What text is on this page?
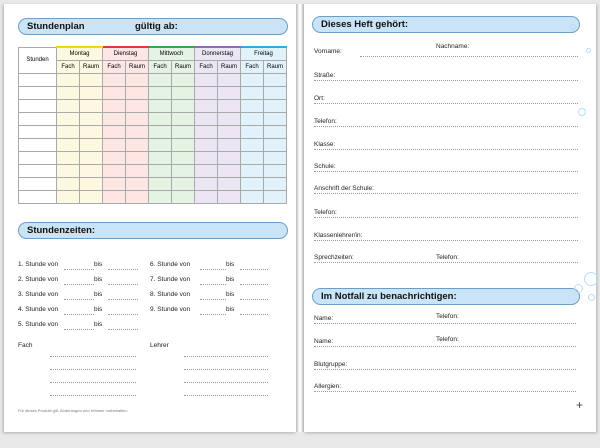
Stundenplan	gültig ab:
Stunden	Montag		Dienstag		Mittwoch		Donnerstag		Freitag	
	Fach	Raum	Fach	Raum	Fach	Raum	Fach	Raum	Fach	Raum

Stundenzeiten:
1. Stunde von	bis
2. Stunde von	bis
3. Stunde von	bis
4. Stunde von	bis
5. Stunde von	bis
6. Stunde von	bis
7. Stunde von	bis
8. Stunde von	bis
9. Stunde von	bis
Fach	Lehrer
Für dieses Produkt gilt: Änderungen und Irrtümer vorbehalten.
Dieses Heft gehört:
Vorname:
Nachname:
Straße:
Ort:
Telefon:
Klasse:
Schule:
Anschrift der Schule:
Telefon:
Klassenlehrer/in:
Sprechzeiten:	Telefon:
Im Notfall zu benachrichtigen:
Name:	Telefon:
Name:	Telefon:
Blutgruppe:
Allergien:
+
